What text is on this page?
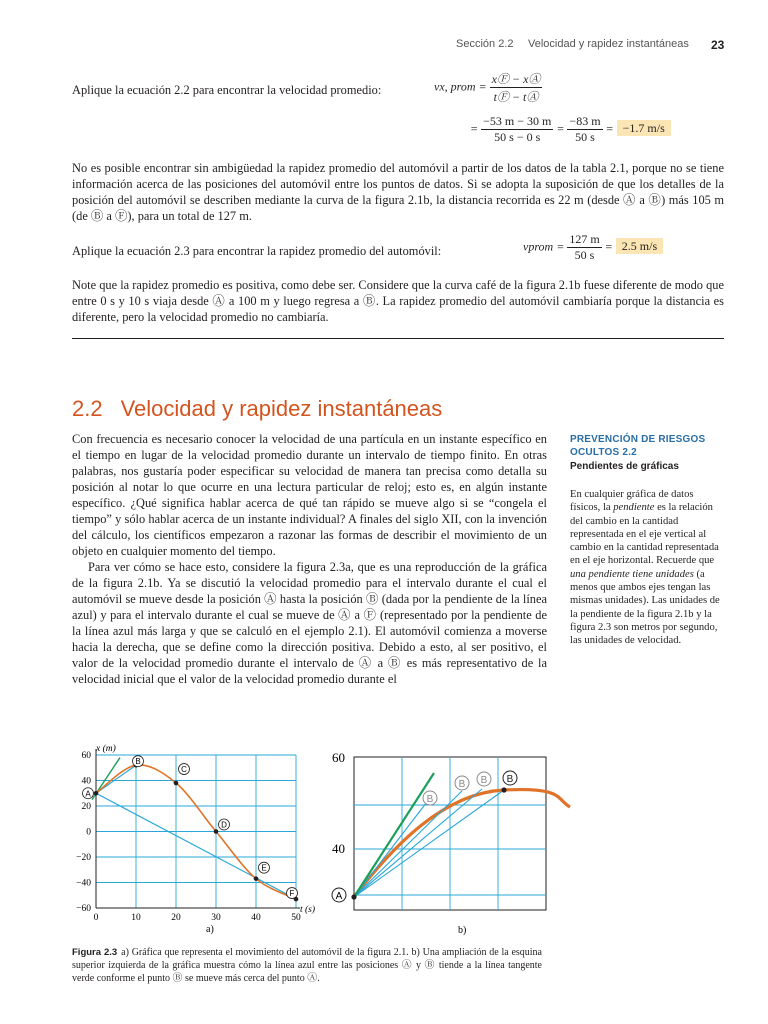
Sección 2.2 Velocidad y rapidez instantáneas 23
Aplique la ecuación 2.2 para encontrar la velocidad promedio:	vx, prom = $\frac{xⒻ - xⒶ}{tⒻ - tⒶ}$
= $\frac{-53 m - 30 m}{50 s - 0 s} = \frac{-83 m}{50 s} = -1.7$ m/s
No es posible encontrar sin ambigüedad la rapidez promedio del automóvil a partir de los datos de la tabla 2.1, porque no se tiene información acerca de las posiciones del automóvil entre los puntos de datos. Si se adopta la suposición de que los detalles de la posición del automóvil se describen mediante la curva de la figura 2.1b, la distancia recorrida es 22 m (desde Ⓐ a Ⓑ) más 105 m (de Ⓑ a Ⓕ), para un total de 127 m.
Aplique la ecuación 2.3 para encontrar la rapidez promedio del automóvil:	vprom = $\frac{127 m}{50 s} = 2.5$ m/s
Note que la rapidez promedio es positiva, como debe ser. Considere que la curva café de la figura 2.1b fuese diferente de modo que entre 0 s y 10 s viaja desde Ⓐ a 100 m y luego regresa a Ⓑ. La rapidez promedio del automóvil cambiaría porque la distancia es diferente, pero la velocidad promedio no cambiaría.
2.2 Velocidad y rapidez instantáneas
Con frecuencia es necesario conocer la velocidad de una partícula en un instante específico en el tiempo en lugar de la velocidad promedio durante un intervalo de tiempo finito. En otras palabras, nos gustaría poder especificar su velocidad de manera tan precisa como detalla su posición al notar lo que ocurre en una lectura particular de reloj; esto es, en algún instante específico. ¿Qué significa hablar acerca de qué tan rápido se mueve algo si se “congela el tiempo” y sólo hablar acerca de un instante individual? A finales del siglo XII, con la invención del cálculo, los científicos empezaron a razonar las formas de describir el movimiento de un objeto en cualquier momento del tiempo.
Para ver cómo se hace esto, considere la figura 2.3a, que es una reproducción de la gráfica de la figura 2.1b. Ya se discutió la velocidad promedio para el intervalo durante el cual el automóvil se mueve desde la posición Ⓐ hasta la posición Ⓑ (dada por la pendiente de la línea azul) y para el intervalo durante el cual se mueve de Ⓐ a Ⓕ (representado por la pendiente de la línea azul más larga y que se calculó en el ejemplo 2.1). El automóvil comienza a moverse hacia la derecha, que se define como la dirección positiva. Debido a esto, al ser positivo, el valor de la velocidad promedio durante el intervalo de Ⓐ a Ⓑ es más representativo de la velocidad inicial que el valor de la velocidad promedio durante el
PREVENCIÓN DE RIESGOS
OCULTOS 2.2
Pendientes de gráficas
En cualquier gráfica de datos físicos, la pendiente es la relación del cambio en la cantidad representada en el eje vertical al cambio en la cantidad representada en el eje horizontal. Recuerde que una pendiente tiene unidades (a menos que ambos ejes tengan las mismas unidades). Las unidades de la pendiente de la figura 2.1b y la figura 2.3 son metros por segundo, las unidades de velocidad.
A
B
C
D
E
F
0	10	20	30	40	50
60
40
20
0
−20
−40
−60
x (m)
t (s)
a)
B
B B B
A
60
40
b)
Figura 2.3 a) Gráfica que representa el movimiento del automóvil de la figura 2.1. b) Una ampliación de la esquina superior izquierda de la gráfica muestra cómo la línea azul entre las posiciones Ⓐ y Ⓑ tiende a la línea tangente verde conforme el punto Ⓑ se mueve más cerca del punto Ⓐ.
